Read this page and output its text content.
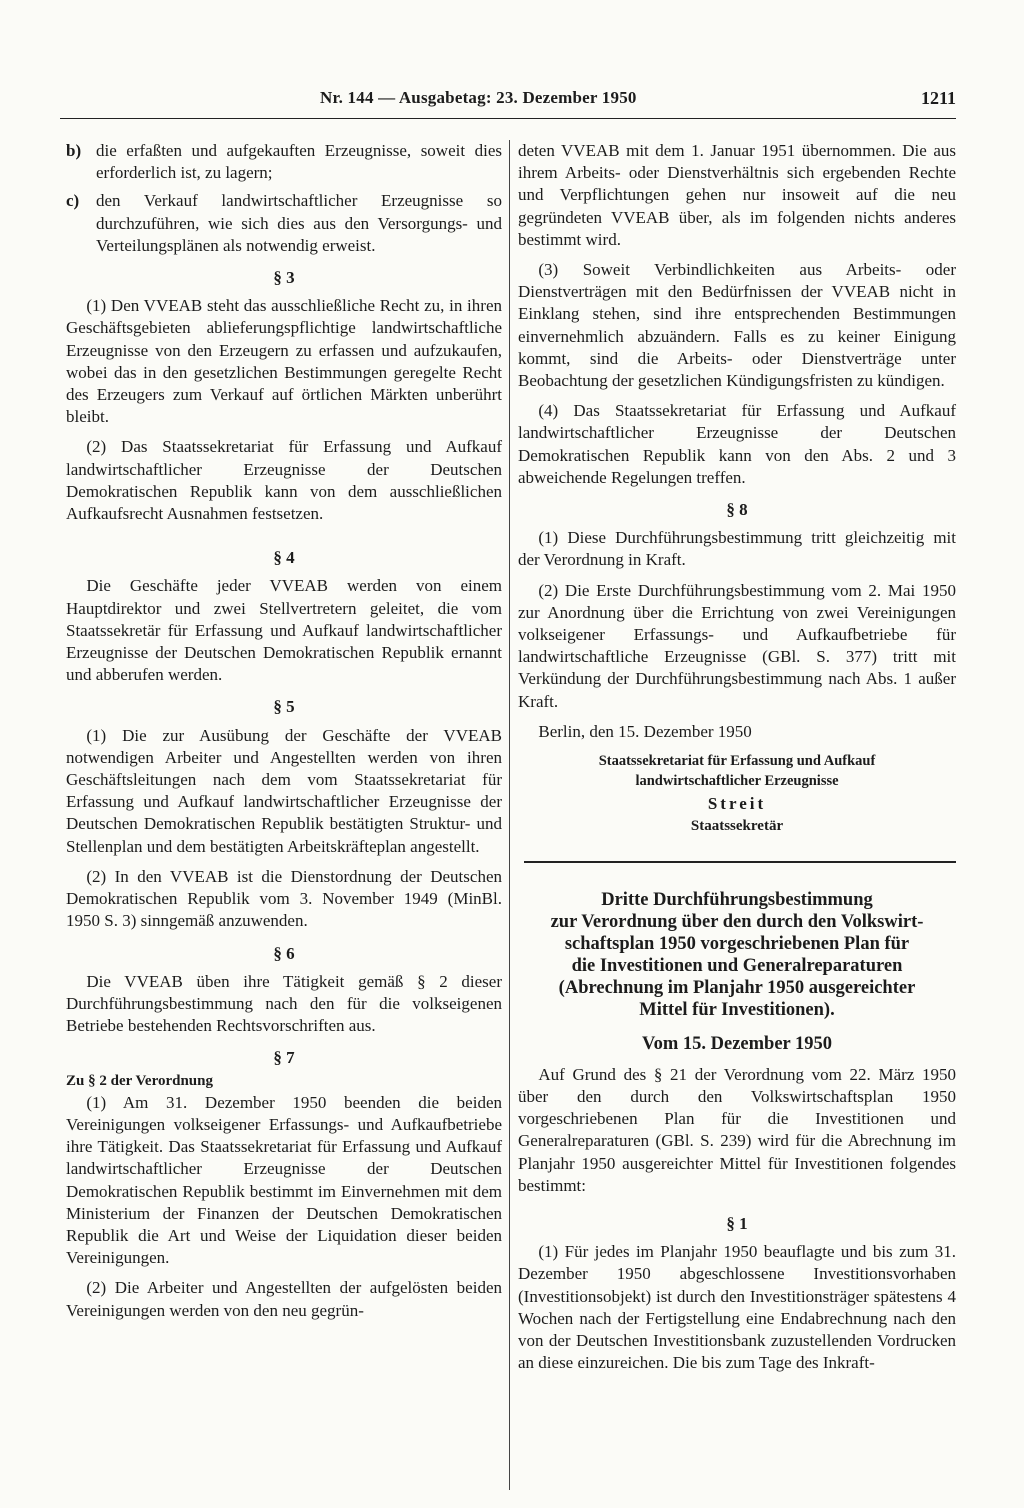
Nr. 144 — Ausgabetag: 23. Dezember 1950	1211
b) die erfaßten und aufgekauften Erzeugnisse, soweit dies erforderlich ist, zu lagern;
c) den Verkauf landwirtschaftlicher Erzeugnisse so durchzuführen, wie sich dies aus den Versorgungs- und Verteilungsplänen als notwendig erweist.
§ 3

(1) Den VVEAB steht das ausschließliche Recht zu, in ihren Geschäftsgebieten ablieferungspflichtige landwirtschaftliche Erzeugnisse von den Erzeugern zu erfassen und aufzukaufen, wobei das in den gesetzlichen Bestimmungen geregelte Recht des Erzeugers zum Verkauf auf örtlichen Märkten unberührt bleibt.

(2) Das Staatssekretariat für Erfassung und Aufkauf landwirtschaftlicher Erzeugnisse der Deutschen Demokratischen Republik kann von dem ausschließlichen Aufkaufsrecht Ausnahmen festsetzen.

§ 4

Die Geschäfte jeder VVEAB werden von einem Hauptdirektor und zwei Stellvertretern geleitet, die vom Staatssekretär für Erfassung und Aufkauf landwirtschaftlicher Erzeugnisse der Deutschen Demokratischen Republik ernannt und abberufen werden.

§ 5

(1) Die zur Ausübung der Geschäfte der VVEAB notwendigen Arbeiter und Angestellten werden von ihren Geschäftsleitungen nach dem vom Staatssekretariat für Erfassung und Aufkauf landwirtschaftlicher Erzeugnisse der Deutschen Demokratischen Republik bestätigten Struktur- und Stellenplan und dem bestätigten Arbeitskräfteplan angestellt.

(2) In den VVEAB ist die Dienstordnung der Deutschen Demokratischen Republik vom 3. November 1949 (MinBl. 1950 S. 3) sinngemäß anzuwenden.

§ 6

Die VVEAB üben ihre Tätigkeit gemäß § 2 dieser Durchführungsbestimmung nach den für die volkseigenen Betriebe bestehenden Rechtsvorschriften aus.

§ 7

Zu § 2 der Verordnung

(1) Am 31. Dezember 1950 beenden die beiden Vereinigungen volkseigener Erfassungs- und Aufkaufbetriebe ihre Tätigkeit. Das Staatssekretariat für Erfassung und Aufkauf landwirtschaftlicher Erzeugnisse der Deutschen Demokratischen Republik bestimmt im Einvernehmen mit dem Ministerium der Finanzen der Deutschen Demokratischen Republik die Art und Weise der Liquidation dieser beiden Vereinigungen.

(2) Die Arbeiter und Angestellten der aufgelösten beiden Vereinigungen werden von den neu gegrün-

deten VVEAB mit dem 1. Januar 1951 übernommen. Die aus ihrem Arbeits- oder Dienstverhältnis sich ergebenden Rechte und Verpflichtungen gehen nur insoweit auf die neu gegründeten VVEAB über, als im folgenden nichts anderes bestimmt wird.

(3) Soweit Verbindlichkeiten aus Arbeits- oder Dienstverträgen mit den Bedürfnissen der VVEAB nicht in Einklang stehen, sind ihre entsprechenden Bestimmungen einvernehmlich abzuändern. Falls es zu keiner Einigung kommt, sind die Arbeits- oder Dienstverträge unter Beobachtung der gesetzlichen Kündigungsfristen zu kündigen.

(4) Das Staatssekretariat für Erfassung und Aufkauf landwirtschaftlicher Erzeugnisse der Deutschen Demokratischen Republik kann von den Abs. 2 und 3 abweichende Regelungen treffen.

§ 8

(1) Diese Durchführungsbestimmung tritt gleichzeitig mit der Verordnung in Kraft.

(2) Die Erste Durchführungsbestimmung vom 2. Mai 1950 zur Anordnung über die Errichtung von zwei Vereinigungen volkseigener Erfassungs- und Aufkaufbetriebe für landwirtschaftliche Erzeugnisse (GBl. S. 377) tritt mit Verkündung der Durchführungsbestimmung nach Abs. 1 außer Kraft.

Berlin, den 15. Dezember 1950

Staatssekretariat für Erfassung und Aufkauf
landwirtschaftlicher Erzeugnisse
Streit
Staatssekretär
Dritte Durchführungsbestimmung
zur Verordnung über den durch den Volkswirt-
schaftsplan 1950 vorgeschriebenen Plan für
die Investitionen und Generalreparaturen
(Abrechnung im Planjahr 1950 ausgereichter
Mittel für Investitionen).
Vom 15. Dezember 1950

Auf Grund des § 21 der Verordnung vom 22. März 1950 über den durch den Volkswirtschaftsplan 1950 vorgeschriebenen Plan für die Investitionen und Generalreparaturen (GBl. S. 239) wird für die Abrechnung im Planjahr 1950 ausgereichter Mittel für Investitionen folgendes bestimmt:

§ 1

(1) Für jedes im Planjahr 1950 beauflagte und bis zum 31. Dezember 1950 abgeschlossene Investitionsvorhaben (Investitionsobjekt) ist durch den Investitionsträger spätestens 4 Wochen nach der Fertigstellung eine Endabrechnung nach den von der Deutschen Investitionsbank zuzustellenden Vordrucken an diese einzureichen. Die bis zum Tage des Inkraft-
